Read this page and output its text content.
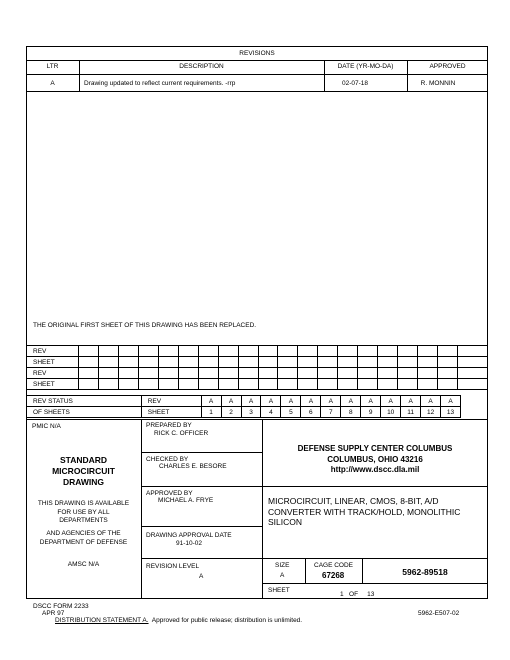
REVISIONS
LTR	DESCRIPTION	DATE (YR-MO-DA)	APPROVED
A	Drawing updated to reflect current requirements. -rrp	02-07-18	R. MONNIN
THE ORIGINAL FIRST SHEET OF THIS DRAWING HAS BEEN REPLACED.
REV																				
SHEET																				
REV																				
SHEET																				
REV STATUS	REV	A	A	A	A	A	A	A	A	A	A	A	A	A
OF SHEETS	SHEET	1	2	3	4	5	6	7	8	9	10	11	12	13
PMIC N/A
STANDARD
MICROCIRCUIT
DRAWING
THIS DRAWING IS AVAILABLE
FOR USE BY ALL
DEPARTMENTS
AND AGENCIES OF THE
DEPARTMENT OF DEFENSE
AMSC N/A
PREPARED BY
RICK C. OFFICER
CHECKED BY
CHARLES E. BESORE
APPROVED BY
MICHAEL A. FRYE
DRAWING APPROVAL DATE
91-10-02
REVISION LEVEL
A
DEFENSE SUPPLY CENTER COLUMBUS
COLUMBUS, OHIO 43216
http://www.dscc.dla.mil
MICROCIRCUIT, LINEAR, CMOS, 8-BIT, A/D
CONVERTER WITH TRACK/HOLD, MONOLITHIC
SILICON
SIZE
A
CAGE CODE
67268	5962-89518
SHEET
1   OF     13
DSCC FORM 2233
APR 97	5962-E507-02
DISTRIBUTION STATEMENT A.  Approved for public release; distribution is unlimited.
